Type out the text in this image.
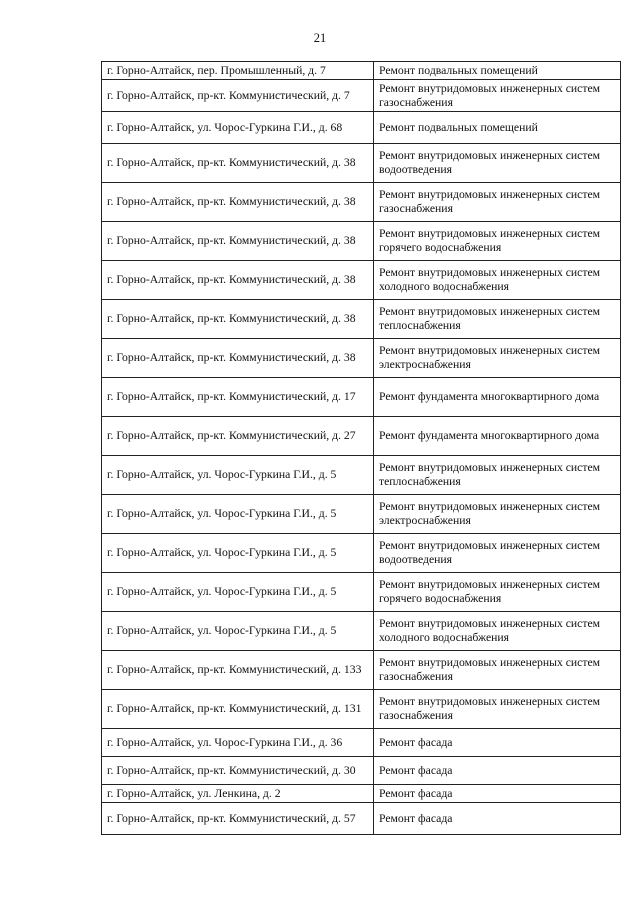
21
г. Горно-Алтайск, пер. Промышленный, д. 7	Ремонт подвальных помещений
г. Горно-Алтайск, пр-кт. Коммунистический, д. 7	Ремонт внутридомовых инженерных систем газоснабжения
г. Горно-Алтайск, ул. Чорос-Гуркина Г.И., д. 68	Ремонт подвальных помещений
г. Горно-Алтайск, пр-кт. Коммунистический, д. 38	Ремонт внутридомовых инженерных систем водоотведения
г. Горно-Алтайск, пр-кт. Коммунистический, д. 38	Ремонт внутридомовых инженерных систем газоснабжения
г. Горно-Алтайск, пр-кт. Коммунистический, д. 38	Ремонт внутридомовых инженерных систем горячего водоснабжения
г. Горно-Алтайск, пр-кт. Коммунистический, д. 38	Ремонт внутридомовых инженерных систем холодного водоснабжения
г. Горно-Алтайск, пр-кт. Коммунистический, д. 38	Ремонт внутридомовых инженерных систем теплоснабжения
г. Горно-Алтайск, пр-кт. Коммунистический, д. 38	Ремонт внутридомовых инженерных систем электроснабжения
г. Горно-Алтайск, пр-кт. Коммунистический, д. 17	Ремонт фундамента многоквартирного дома
г. Горно-Алтайск, пр-кт. Коммунистический, д. 27	Ремонт фундамента многоквартирного дома
г. Горно-Алтайск, ул. Чорос-Гуркина Г.И., д. 5	Ремонт внутридомовых инженерных систем теплоснабжения
г. Горно-Алтайск, ул. Чорос-Гуркина Г.И., д. 5	Ремонт внутридомовых инженерных систем электроснабжения
г. Горно-Алтайск, ул. Чорос-Гуркина Г.И., д. 5	Ремонт внутридомовых инженерных систем водоотведения
г. Горно-Алтайск, ул. Чорос-Гуркина Г.И., д. 5	Ремонт внутридомовых инженерных систем горячего водоснабжения
г. Горно-Алтайск, ул. Чорос-Гуркина Г.И., д. 5	Ремонт внутридомовых инженерных систем холодного водоснабжения
г. Горно-Алтайск, пр-кт. Коммунистический, д. 133	Ремонт внутридомовых инженерных систем газоснабжения
г. Горно-Алтайск, пр-кт. Коммунистический, д. 131	Ремонт внутридомовых инженерных систем газоснабжения
г. Горно-Алтайск, ул. Чорос-Гуркина Г.И., д. 36	Ремонт фасада
г. Горно-Алтайск, пр-кт. Коммунистический, д. 30	Ремонт фасада
г. Горно-Алтайск, ул. Ленкина, д. 2	Ремонт фасада
г. Горно-Алтайск, пр-кт. Коммунистический, д. 57	Ремонт фасада
